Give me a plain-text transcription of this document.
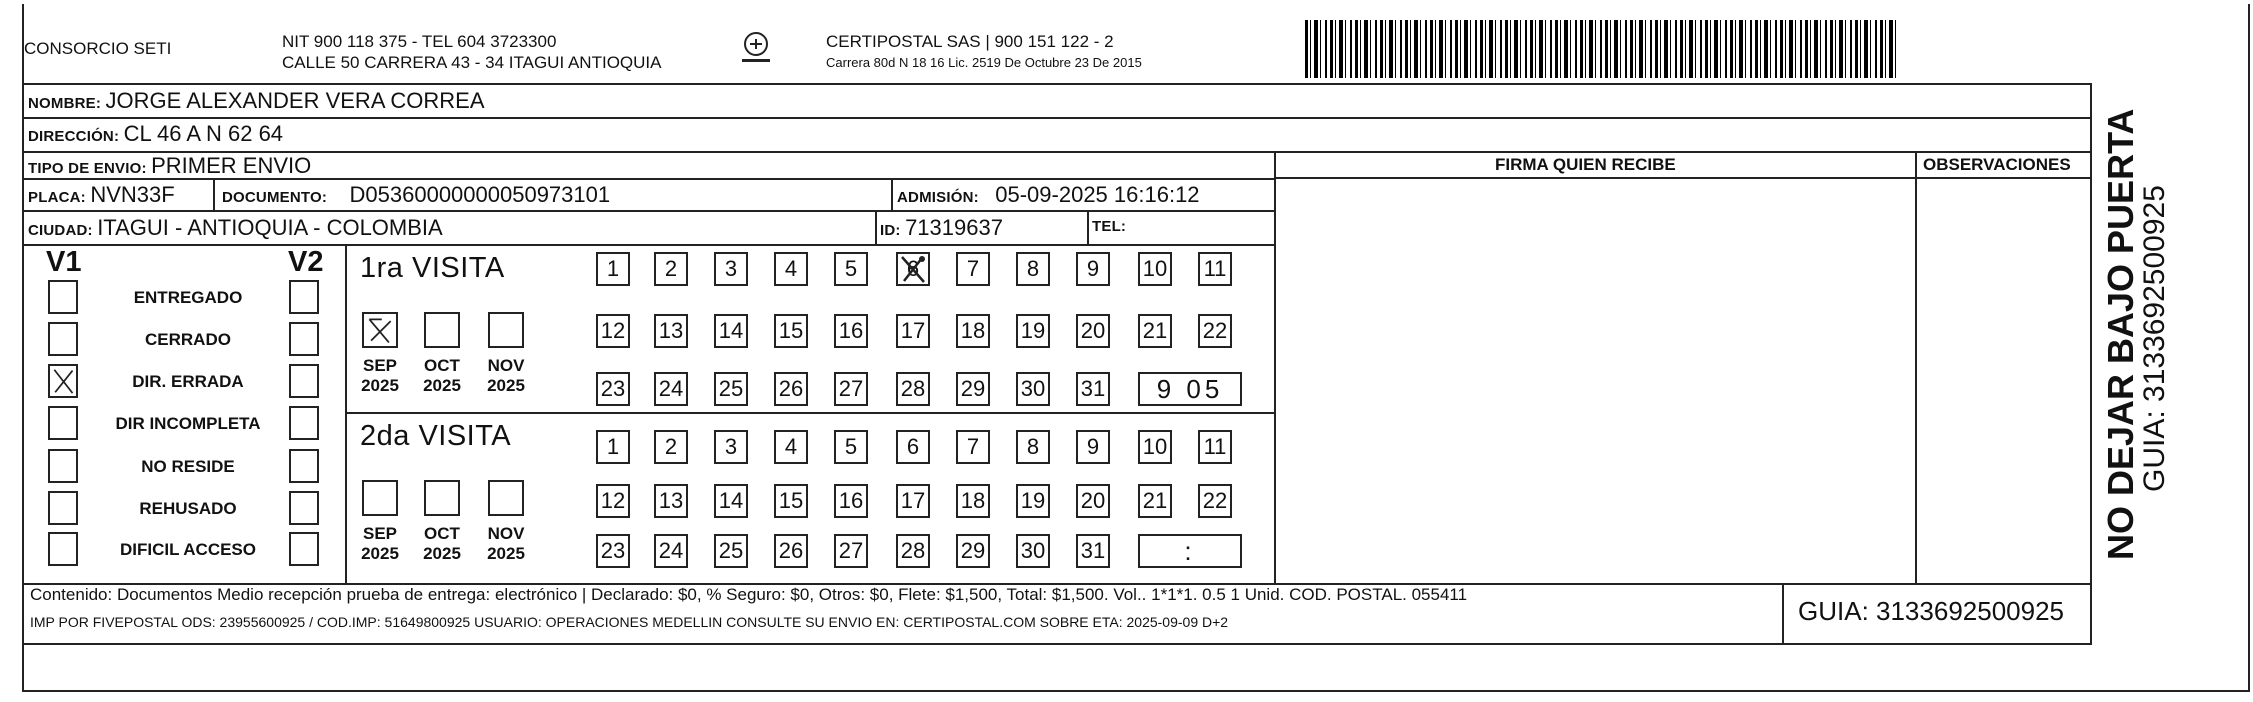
CONSORCIO SETI	NIT 900 118 375 - TEL 604 3723300
CALLE 50 CARRERA 43 - 34 ITAGUI ANTIOQUIA
CERTIPOSTAL SAS | 900 151 122 - 2
Carrera 80d N 18 16 Lic. 2519 De Octubre 23 De 2015
NOMBRE: JORGE ALEXANDER VERA CORREA
DIRECCIÓN: CL 46 A N 62 64
TIPO DE ENVIO: PRIMER ENVIO	FIRMA QUIEN RECIBE	OBSERVACIONES
PLACA: NVN33F	DOCUMENTO: D05360000000050973101	ADMISIÓN: 05-09-2025 16:16:12
CIUDAD: ITAGUI - ANTIOQUIA - COLOMBIA	ID: 71319637	TEL:
V1	V2
ENTREGADO
CERRADO
DIR. ERRADA
DIR INCOMPLETA
NO RESIDE
REHUSADO
DIFICIL ACCESO
1ra VISITA
2da VISITA
SEP
2025
OCT
2025
NOV
2025
1	2	3	4	5	6	7	8	9	10 11
12 13 14 15 16 17 18 19 20 21 22
23 24 25 26 27 28 29 30 31	9 05
SEP
2025
OCT
2025
NOV
2025
1	2	3	4	5	6	7	8	9	10 11
12 13 14 15 16 17 18 19 20 21 22
23 24 25 26 27 28 29 30 31	:
Contenido: Documentos Medio recepción prueba de entrega: electrónico | Declarado: $0, % Seguro: $0, Otros: $0, Flete: $1,500, Total: $1,500. Vol.. 1*1*1. 0.5 1 Unid. COD. POSTAL. 055411
IMP POR FIVEPOSTAL ODS: 23955600925 / COD.IMP: 51649800925 USUARIO: OPERACIONES MEDELLIN CONSULTE SU ENVIO EN: CERTIPOSTAL.COM SOBRE ETA: 2025-09-09 D+2	GUIA: 3133692500925
NO DEJAR BAJO PUERTA
GUIA: 3133692500925
